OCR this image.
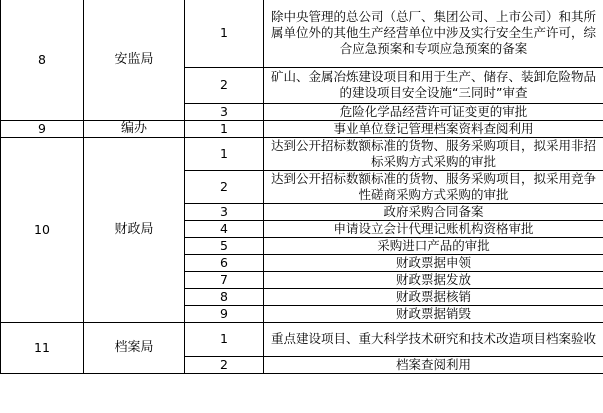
8	安监局	1	除中央管理的总公司（总厂、集团公司、上市公司）和其所属单位外的其他生产经营单位中涉及实行安全生产许可，综合应急预案和专项应急预案的备案
		2	矿山、金属冶炼建设项目和用于生产、储存、装卸危险物品的建设项目安全设施“三同时”审查
		3	危险化学品经营许可证变更的审批
9	编办	1	事业单位登记管理档案资料查阅利用
10	财政局	1	达到公开招标数额标准的货物、服务采购项目，拟采用非招标采购方式采购的审批
		2	达到公开招标数额标准的货物、服务采购项目，拟采用竞争性磋商采购方式采购的审批
		3	政府采购合同备案
		4	申请设立会计代理记账机构资格审批
		5	采购进口产品的审批
		6	财政票据申领
		7	财政票据发放
		8	财政票据核销
		9	财政票据销毁
11	档案局	1	重点建设项目、重大科学技术研究和技术改造项目档案验收
		2	档案查阅利用
